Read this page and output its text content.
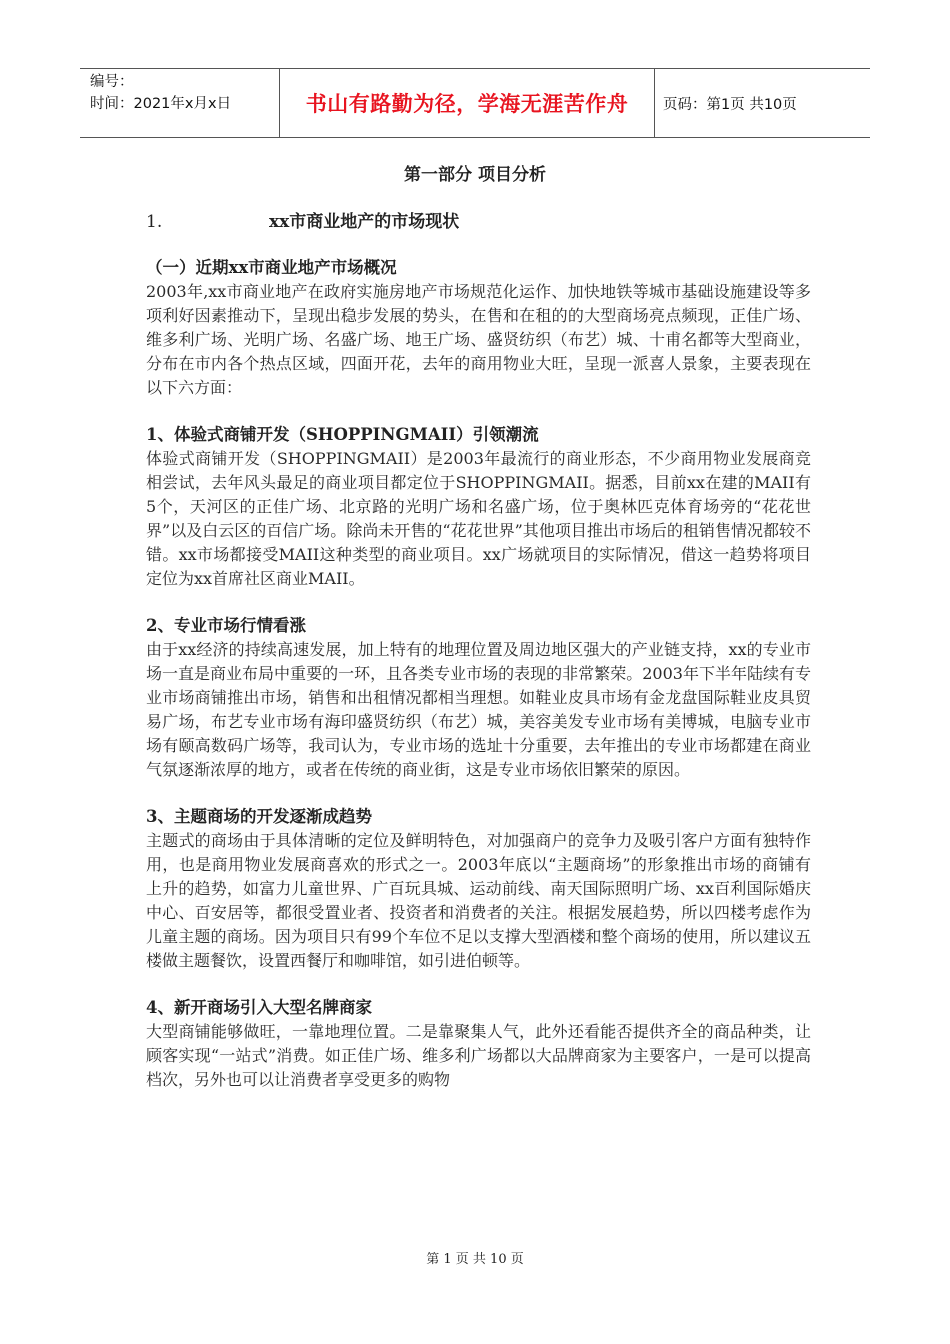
编号：
时间：2021年x月x日	书山有路勤为径，学海无涯苦作舟 页码：第1页 共10页
第一部分 项目分析
1.	xx市商业地产的市场现状
（一）近期xx市商业地产市场概况

2003年,xx市商业地产在政府实施房地产市场规范化运作、加快地铁等城市基础设施建设等多项利好因素推动下，呈现出稳步发展的势头，在售和在租的的大型商场亮点频现，正佳广场、维多利广场、光明广场、名盛广场、地王广场、盛贤纺织（布艺）城、十甫名都等大型商业，分布在市内各个热点区域，四面开花，去年的商用物业大旺，呈现一派喜人景象，主要表现在以下六方面：

1、体验式商铺开发（SHOPPINGMAII）引领潮流

体验式商铺开发（SHOPPINGMAII）是2003年最流行的商业形态，不少商用物业发展商竞相尝试，去年风头最足的商业项目都定位于SHOPPINGMAII。据悉，目前xx在建的MAII有5个，天河区的正佳广场、北京路的光明广场和名盛广场，位于奥林匹克体育场旁的“花花世界”以及白云区的百信广场。除尚未开售的“花花世界”其他项目推出市场后的租销售情况都较不错。xx市场都接受MAII这种类型的商业项目。xx广场就项目的实际情况，借这一趋势将项目定位为xx首席社区商业MAII。

2、专业市场行情看涨

由于xx经济的持续高速发展，加上特有的地理位置及周边地区强大的产业链支持，xx的专业市场一直是商业布局中重要的一环，且各类专业市场的表现的非常繁荣。2003年下半年陆续有专业市场商铺推出市场，销售和出租情况都相当理想。如鞋业皮具市场有金龙盘国际鞋业皮具贸易广场，布艺专业市场有海印盛贤纺织（布艺）城，美容美发专业市场有美博城，电脑专业市场有颐高数码广场等，我司认为，专业市场的选址十分重要，去年推出的专业市场都建在商业气氛逐渐浓厚的地方，或者在传统的商业街，这是专业市场依旧繁荣的原因。

3、主题商场的开发逐渐成趋势

主题式的商场由于具体清晰的定位及鲜明特色，对加强商户的竞争力及吸引客户方面有独特作用，也是商用物业发展商喜欢的形式之一。2003年底以“主题商场”的形象推出市场的商铺有上升的趋势，如富力儿童世界、广百玩具城、运动前线、南天国际照明广场、xx百利国际婚庆中心、百安居等，都很受置业者、投资者和消费者的关注。根据发展趋势，所以四楼考虑作为儿童主题的商场。因为项目只有99个车位不足以支撑大型酒楼和整个商场的使用，所以建议五楼做主题餐饮，设置西餐厅和咖啡馆，如引进伯顿等。

4、新开商场引入大型名牌商家

大型商铺能够做旺，一靠地理位置。二是靠聚集人气，此外还看能否提供齐全的商品种类，让顾客实现“一站式”消费。如正佳广场、维多利广场都以大品牌商家为主要客户，一是可以提高档次，另外也可以让消费者享受更多的购物

第 1 页 共 10 页
